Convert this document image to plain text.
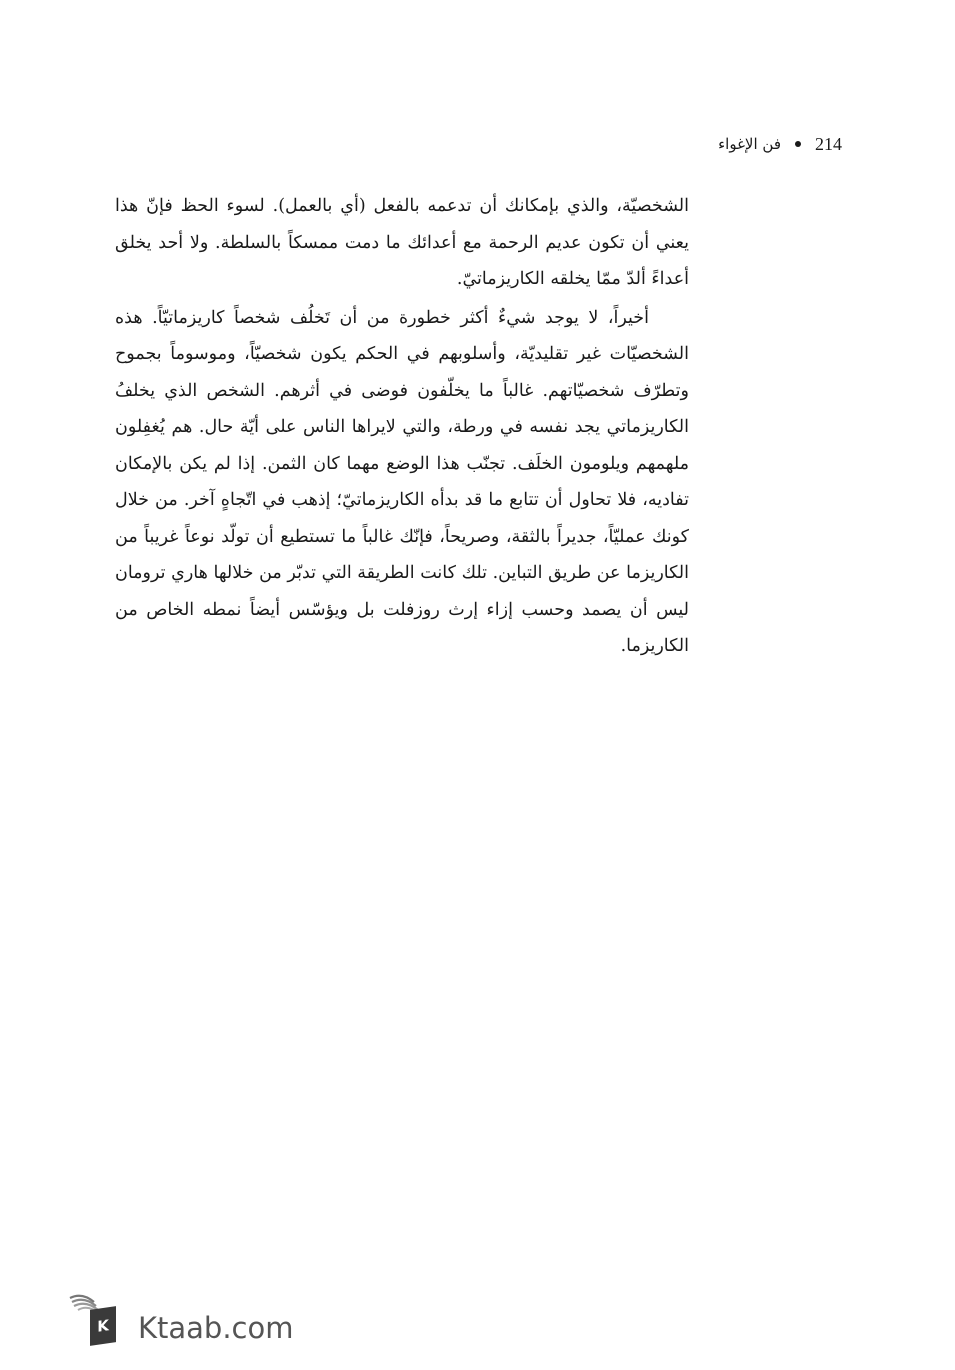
214
فن الإغواء

الشخصيّة، والذي بإمكانك أن تدعمه بالفعل (أي بالعمل). لسوء الحظ فإنّ هذا يعني أن تكون عديم الرحمة مع أعدائك ما دمت ممسكاً بالسلطة. ولا أحد يخلق أعداءً ألدّ ممّا يخلقه الكاريزماتيّ.

أخيراً، لا يوجد شيءٌ أكثر خطورة من أن تَخلُف شخصاً كاريزماتيّاً. هذه الشخصيّات غير تقليديّة، وأسلوبهم في الحكم يكون شخصيّاً، وموسوماً بجموح وتطرّف شخصيّاتهم. غالباً ما يخلّفون فوضى في أثرهم. الشخص الذي يخلفُ الكاريزماتي يجد نفسه في ورطة، والتي لايراها الناس على أيّة حال. هم يُغفِلون ملهمهم ويلومون الخلَف. تجنّب هذا الوضع مهما كان الثمن. إذا لم يكن بالإمكان تفاديه، فلا تحاول أن تتابع ما قد بدأه الكاريزماتيّ؛ إذهب في اتّجاهٍ آخر. من خلال كونك عمليّاً، جديراً بالثقة، وصريحاً، فإنّك غالباً ما تستطيع أن تولّد نوعاً غريباً من الكاريزما عن طريق التباين. تلك كانت الطريقة التي تدبّر من خلالها هاري ترومان ليس أن يصمد وحسب إزاء إرث روزفلت بل ويؤسّس أيضاً نمطه الخاص من الكاريزما.

K Ktaab.com
